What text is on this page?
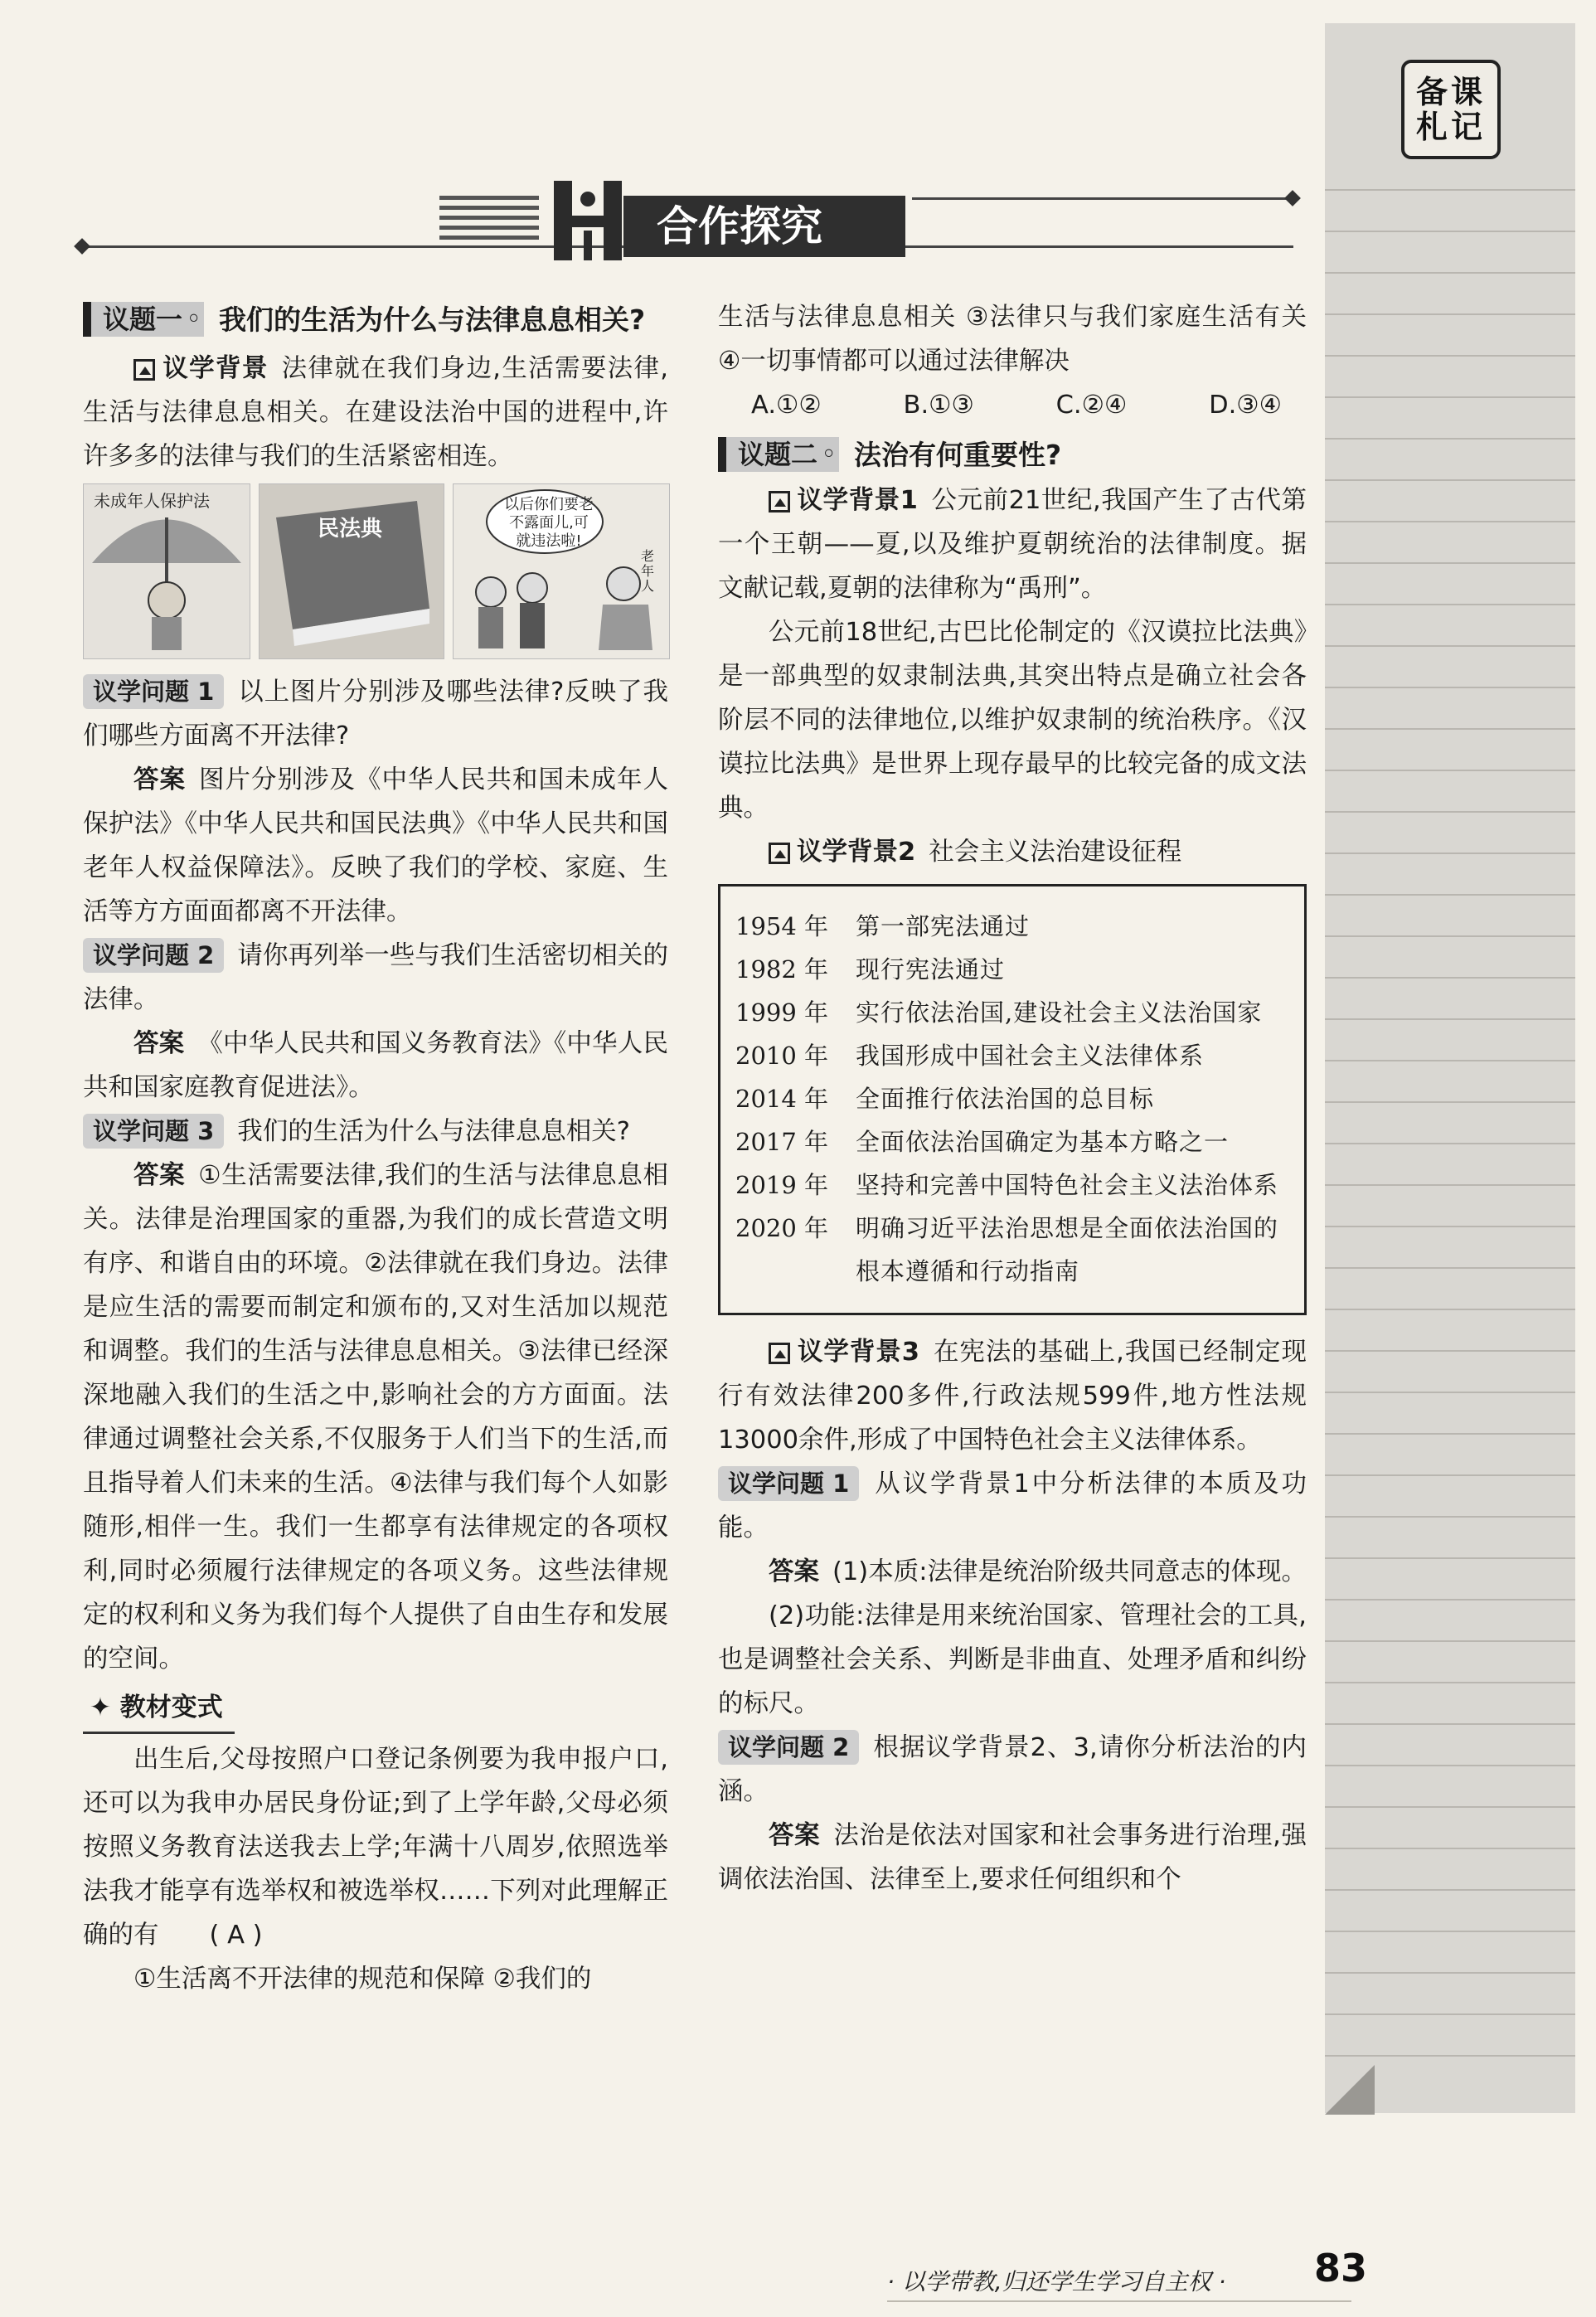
备课札记
合作探究
议题一 ◦	我们的生活为什么与法律息息相关?

议学背景 法律就在我们身边,生活需要法律,生活与法律息息相关。在建设法治中国的进程中,许许多多的法律与我们的生活紧密相连。

未成年人保护法
民法典
以后你们要老不露面儿,可就违法啦!
老年人

议学问题 1 以上图片分别涉及哪些法律?反映了我们哪些方面离不开法律?

答案 图片分别涉及《中华人民共和国未成年人保护法》《中华人民共和国民法典》《中华人民共和国老年人权益保障法》。反映了我们的学校、家庭、生活等方方面面都离不开法律。

议学问题 2 请你再列举一些与我们生活密切相关的法律。

答案 《中华人民共和国义务教育法》《中华人民共和国家庭教育促进法》。

议学问题 3 我们的生活为什么与法律息息相关?

答案 ①生活需要法律,我们的生活与法律息息相关。法律是治理国家的重器,为我们的成长营造文明有序、和谐自由的环境。②法律就在我们身边。法律是应生活的需要而制定和颁布的,又对生活加以规范和调整。我们的生活与法律息息相关。③法律已经深深地融入我们的生活之中,影响社会的方方面面。法律通过调整社会关系,不仅服务于人们当下的生活,而且指导着人们未来的生活。④法律与我们每个人如影随形,相伴一生。我们一生都享有法律规定的各项权利,同时必须履行法律规定的各项义务。这些法律规定的权利和义务为我们每个人提供了自由生存和发展的空间。

✦ 教材变式

出生后,父母按照户口登记条例要为我申报户口,还可以为我申办居民身份证;到了上学年龄,父母必须按照义务教育法送我去上学;年满十八周岁,依照选举法我才能享有选举权和被选举权……下列对此理解正确的有　　 ( A )

①生活离不开法律的规范和保障 ②我们的

生活与法律息息相关 ③法律只与我们家庭生活有关 ④一切事情都可以通过法律解决

A.①②	B.①③	C.②④	D.③④
议题二 ◦	法治有何重要性?

议学背景1 公元前21世纪,我国产生了古代第一个王朝——夏,以及维护夏朝统治的法律制度。据文献记载,夏朝的法律称为“禹刑”。

公元前18世纪,古巴比伦制定的《汉谟拉比法典》是一部典型的奴隶制法典,其突出特点是确立社会各阶层不同的法律地位,以维护奴隶制的统治秩序。《汉谟拉比法典》是世界上现存最早的比较完备的成文法典。

议学背景2 社会主义法治建设征程

1954 年	第一部宪法通过
1982 年	现行宪法通过
1999 年	实行依法治国,建设社会主义法治国家
2010 年	我国形成中国社会主义法律体系
2014 年	全面推行依法治国的总目标
2017 年	全面依法治国确定为基本方略之一
2019 年	坚持和完善中国特色社会主义法治体系
2020 年	明确习近平法治思想是全面依法治国的根本遵循和行动指南

议学背景3 在宪法的基础上,我国已经制定现行有效法律200多件,行政法规599件,地方性法规13000余件,形成了中国特色社会主义法律体系。

议学问题 1 从议学背景1中分析法律的本质及功能。

答案 (1)本质:法律是统治阶级共同意志的体现。

(2)功能:法律是用来统治国家、管理社会的工具,也是调整社会关系、判断是非曲直、处理矛盾和纠纷的标尺。

议学问题 2 根据议学背景2、3,请你分析法治的内涵。

答案 法治是依法对国家和社会事务进行治理,强调依法治国、法律至上,要求任何组织和个

· 以学带教,归还学生学习自主权 · 83
